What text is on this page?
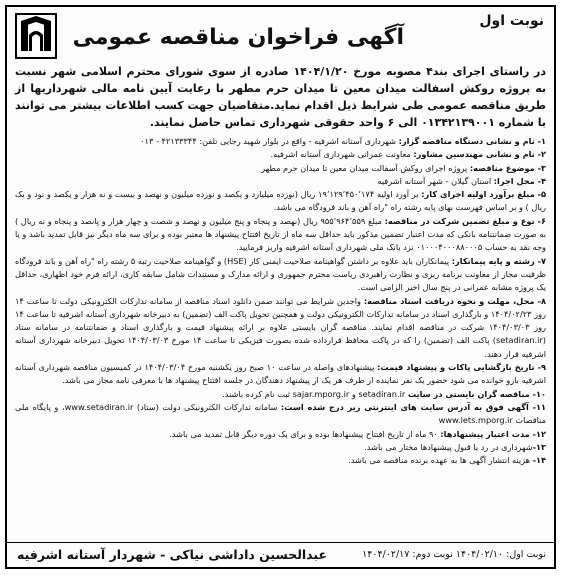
نوبت اول
آگهی فراخوان مناقصه عمومی
در راستای اجرای بند۴ مصوبه مورخ ۱۴۰۴/۱/۲۰ صادره از سوی شورای محترم اسلامی شهر نسبت به پروژه روکش اسفالت میدان معین تا میدان حرم مطهر با رعایت آیین نامه مالی شهرداریها از طریق مناقصه عمومی طی شرایط ذیل اقدام نماید.متقاضیان جهت کسب اطلاعات بیشتر می توانند با شماره ۰۱۳۴۲۱۳۹۰۰۱ الی ۶ واحد حقوقی شهرداری تماس حاصل نمایند.

۱- نام و نشانی دستگاه مناقصه گزار: شهرداری آستانه اشرفیه - واقع در بلوار شهید رجایی تلفن: ۴۲۱۳۳۳۴۴ - ۰۱۳

۲- نام و نشانی مهندسین مشاور: معاونت عمرانی شهرداری آستانه اشرفیه.

۳- موضوع مناقصه: پروژه اجرای روکش آسفالت میدان معین تا میدان حرم مطهر

۴- محل اجرا: استان گیلان - شهر آستانه اشرفیه

۵- مبلغ برآورد اولیه اجرای کار: بر آورد اولیه ۱۹٬۱۲۹٬۴۵۰٬۱۷۴ ریال (نوزده میلیارد و یکصد و نوزده میلیون و نهصد و بیست و نه هزار و یکصد و نود و یک ریال ) و بر اساس فهرست بهای پایه رشته راه "راه آهن و باند فرودگاه می باشد.

۶- نوع و مبلغ تضمین شرکت در مناقصه: مبلغ ۹۵۵٬۹۶۴٬۵۵۹ ریال (نهصد و پنجاه و پنج میلیون و نهصد و شصت و چهار هزار و پانصد و پنجاه و نه ریال ) به صورت ضمانتنامه بانکی که مدت اعتبار تضمین مذکور باید حداقل سه ماه از تاریخ افتتاح پیشنهاد ها معتبر بوده و برای سه ماه دیگر نیز قابل تمدید باشد و یا وجه نقد به حساب ۰۱۰۰۰۴۰۰۰۸۸۰۰۰۵ نزد بانک ملی شهرداری آستانه اشرفیه واریز فرمایید.

۷- رشته و پایه پیمانکار: پیمانکاران باید علاوه بر داشتن گواهینامه صلاحیت ایمنی کار (HSE) و گواهینامه صلاحیت رتبه ۵ رشته راه "راه آهن و باند فرودگاه ظرفیت مجاز از معاونت برنامه ریزی و نظارت راهبردی ریاست محترم جمهوری و ارائه مدارک و مستندات شامل سابقه کاری، ارائه فرم خود اظهاری، حداقل یک پروژه مشابه عمرانی در پنج سال اخیر الزامی است.

۸- محل، مهلت و نحوه دریافت اسناد مناقصه: واجدین شرایط می توانند ضمن دانلود اسناد مناقصه از سامانه تدارکات الکترونیکی دولت تا ساعت ۱۴ روز ۱۴۰۴/۰۲/۲۳ و بارگذاری اسناد در سامانه تدارکات الکترونیکی دولت و همچنین تحویل پاکت الف (تضمین) به دبیرخانه شهرداری آستانه اشرفیه تا ساعت ۱۴ روز ۱۴۰۴/۰۳/۰۳ شرکت در مناقصه اقدام نمایند. مناقصه گران بایستی علاوه بر ارائه پیشنهاد قیمت و بارگذاری اسناد و ضمانتنامه در سامانه ستاد (setadiran.ir) پاکت الف (تضمین) را که در پاکت محافظ قرارداده شده بصورت فیزیکی تا ساعت ۱۴ مورخ ۱۴۰۴/۰۳/۰۳ تحویل دبیرخانه شهرداری آستانه اشرفیه قرار دهند.

۹- تاریخ بازگشایی پاکات و پیشنهاد قیمت: پیشنهادهای واصله در ساعت ۱۰ صبح روز یکشنبه مورخ ۱۴۰۴/۰۳/۰۴ در کمیسیون مناقصه شهرداری آستانه اشرفیه بازو خوانده می شود حضور یک نفر نماینده از طرف هر یک از پیشنهاد دهندگان در جلسه افتتاح پیشنهاد ها با معرفی نامه مجاز می باشد.

۱۰- مناقصه گران بایستی در سایت setadiran.ir و sajar.mporg.ir ثبت نام کرده باشند.

۱۱- آگهی فوق به آدرس سایت های اینترنتی زیر درج شده است: سامانه تدارکات الکترونیکی دولت (ستاد) www.setadiran.ir، و پایگاه ملی مناقصات www.lets.mporg.ir

۱۲- مدت اعتبار پیشنهادها: ۹۰ ماه از تاریخ افتتاح پیشنهادها بوده و برای یک دوره دیگر قابل تمدید می باشد.

۱۳-شهرداری در رد یا قبول پیشنهادها مختار می باشد.

۱۴- هزینه انتشار آگهی ها به عهده برنده مناقصه می باشد.

نوبت اول: ۱۴۰۴/۰۲/۱۰ نوبت دوم: ۱۴۰۴/۰۲/۱۷
عبدالحسین داداشی نیاکی - شهردار آستانه اشرفیه
